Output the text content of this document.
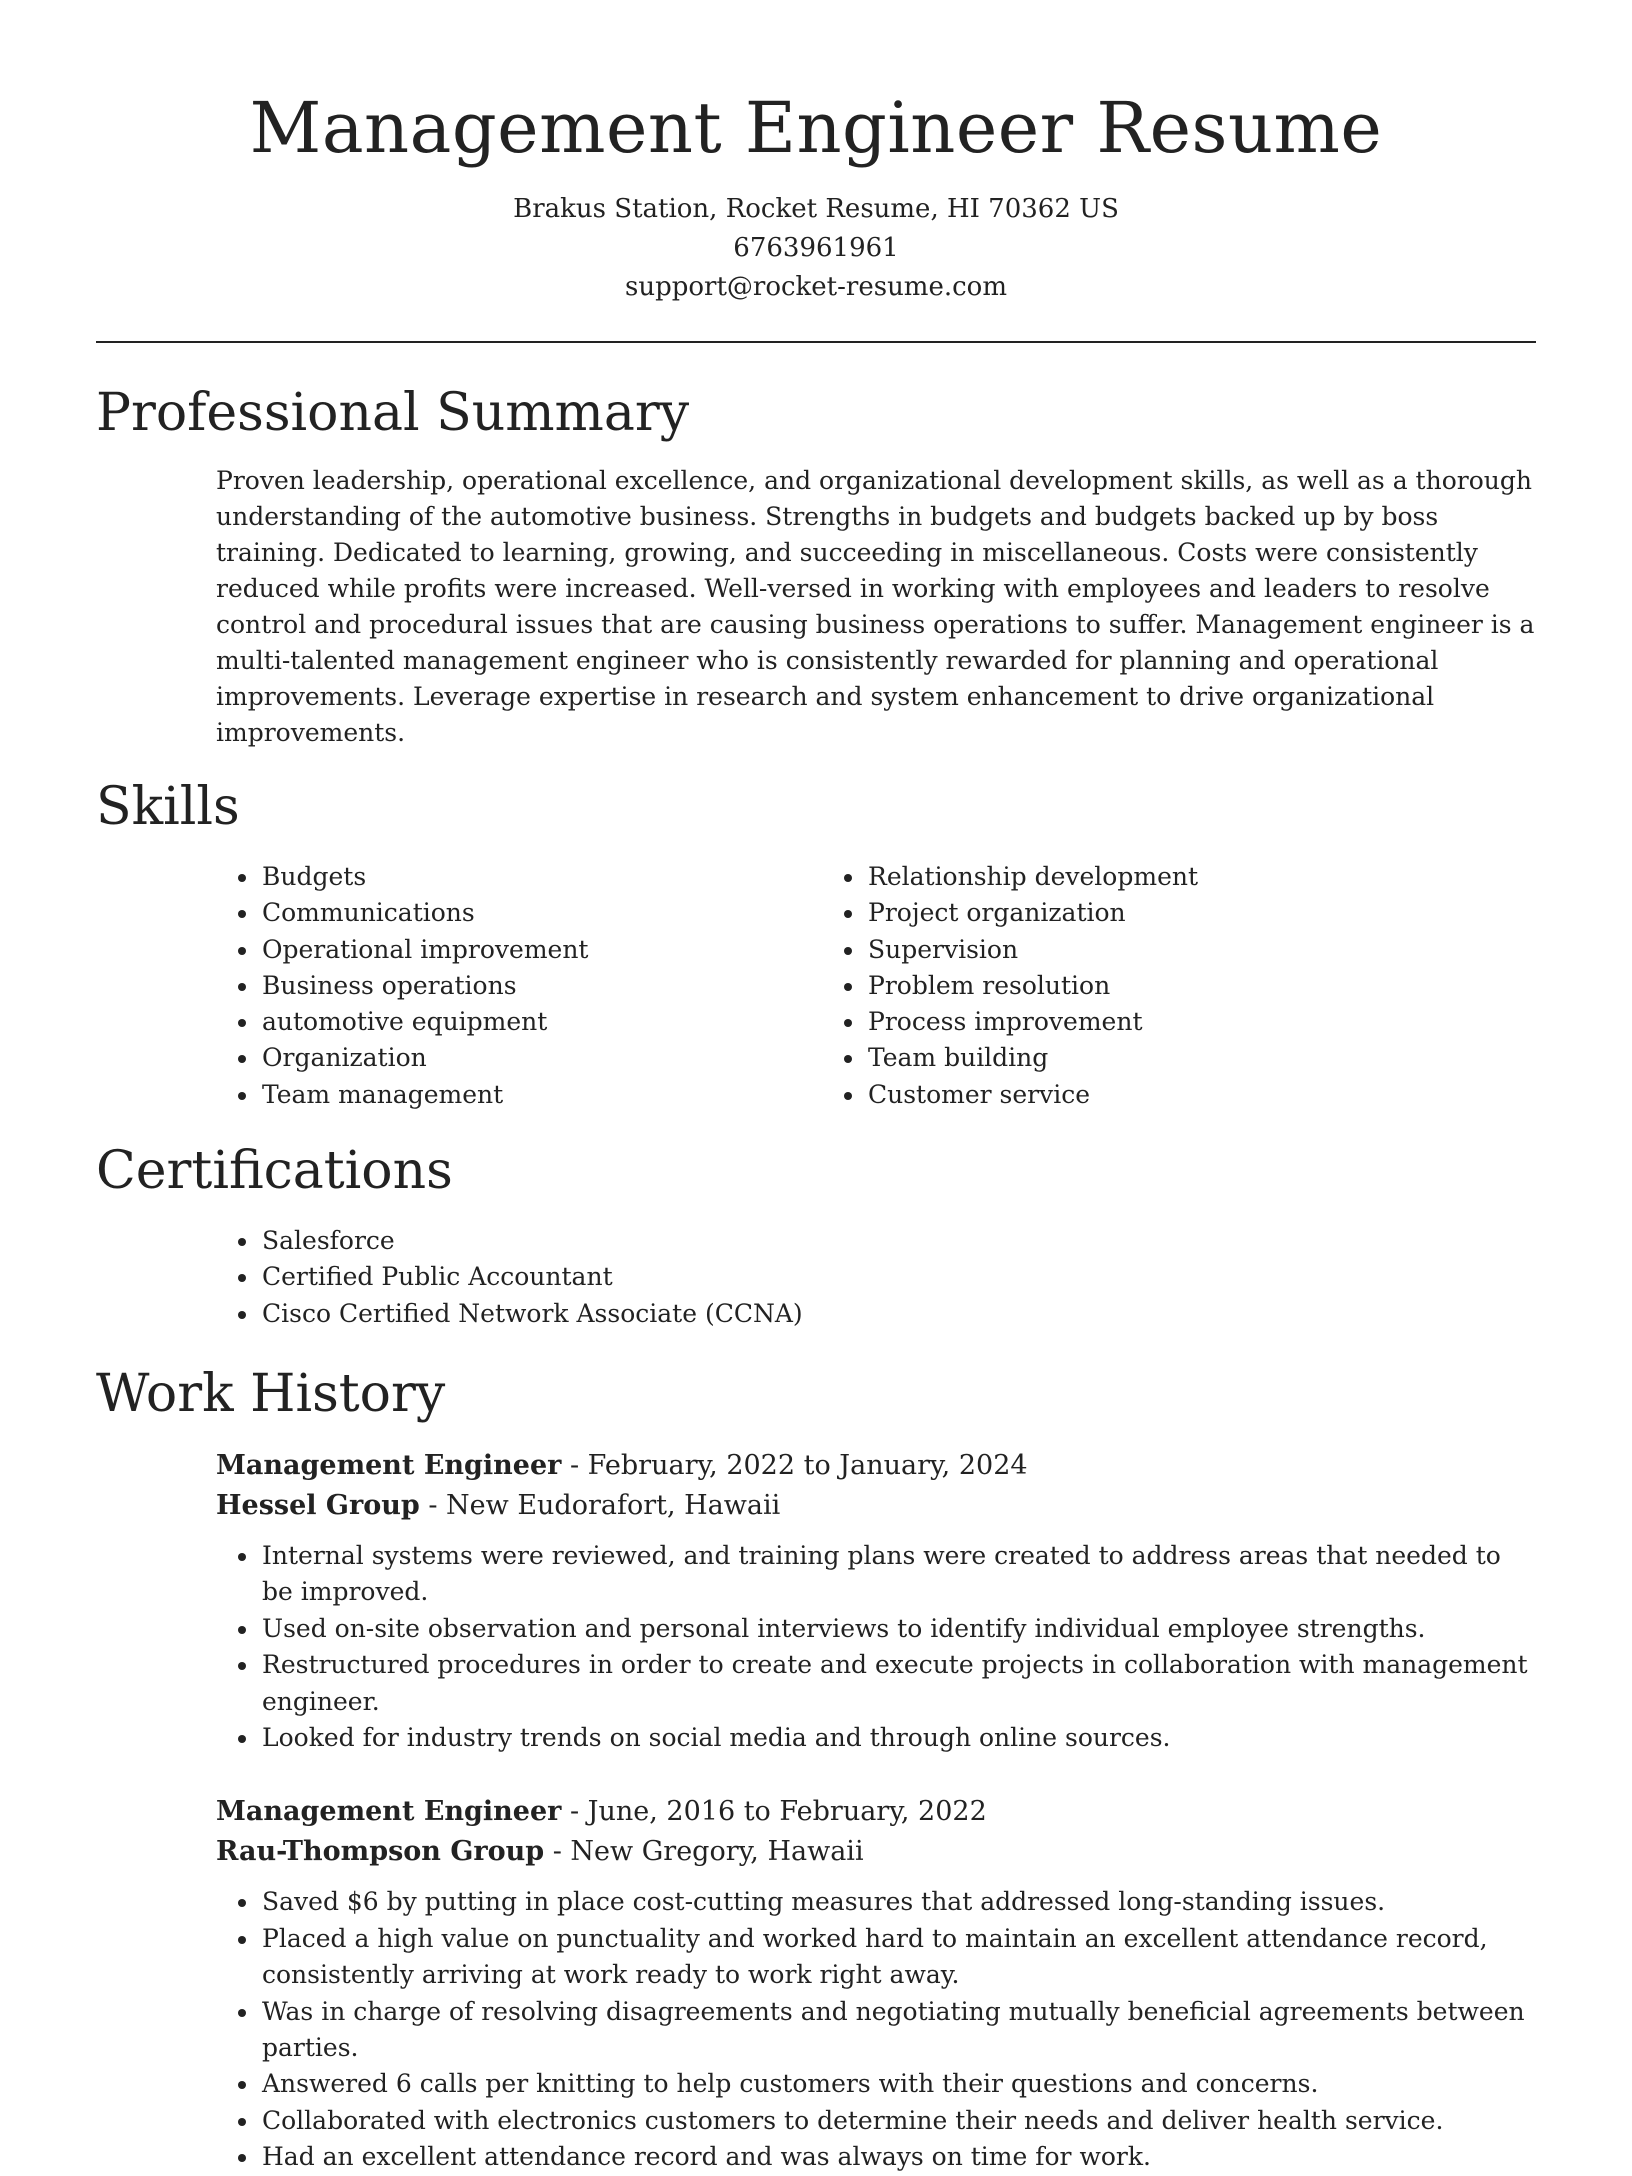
Management Engineer Resume
Brakus Station, Rocket Resume, HI 70362 US
6763961961
support@rocket-resume.com
Professional Summary

Proven leadership, operational excellence, and organizational development skills, as well as a thorough understanding of the automotive business. Strengths in budgets and budgets backed up by boss training. Dedicated to learning, growing, and succeeding in miscellaneous. Costs were consistently reduced while profits were increased. Well-versed in working with employees and leaders to resolve control and procedural issues that are causing business operations to suffer. Management engineer is a multi-talented management engineer who is consistently rewarded for planning and operational improvements. Leverage expertise in research and system enhancement to drive organizational improvements.

Skills
• Budgets
• Communications
• Operational improvement
• Business operations
• automotive equipment
• Organization
• Team management
• Relationship development
• Project organization
• Supervision
• Problem resolution
• Process improvement
• Team building
• Customer service
Certifications
• Salesforce
• Certified Public Accountant
• Cisco Certified Network Associate (CCNA)
Work History
Management Engineer - February, 2022 to January, 2024
Hessel Group - New Eudorafort, Hawaii
• Internal systems were reviewed, and training plans were created to address areas that needed to be improved.
• Used on-site observation and personal interviews to identify individual employee strengths.
• Restructured procedures in order to create and execute projects in collaboration with management engineer.
• Looked for industry trends on social media and through online sources.
Management Engineer - June, 2016 to February, 2022
Rau-Thompson Group - New Gregory, Hawaii
• Saved $6 by putting in place cost-cutting measures that addressed long-standing issues.
• Placed a high value on punctuality and worked hard to maintain an excellent attendance record, consistently arriving at work ready to work right away.
• Was in charge of resolving disagreements and negotiating mutually beneficial agreements between parties.
• Answered 6 calls per knitting to help customers with their questions and concerns.
• Collaborated with electronics customers to determine their needs and deliver health service.
• Had an excellent attendance record and was always on time for work.
